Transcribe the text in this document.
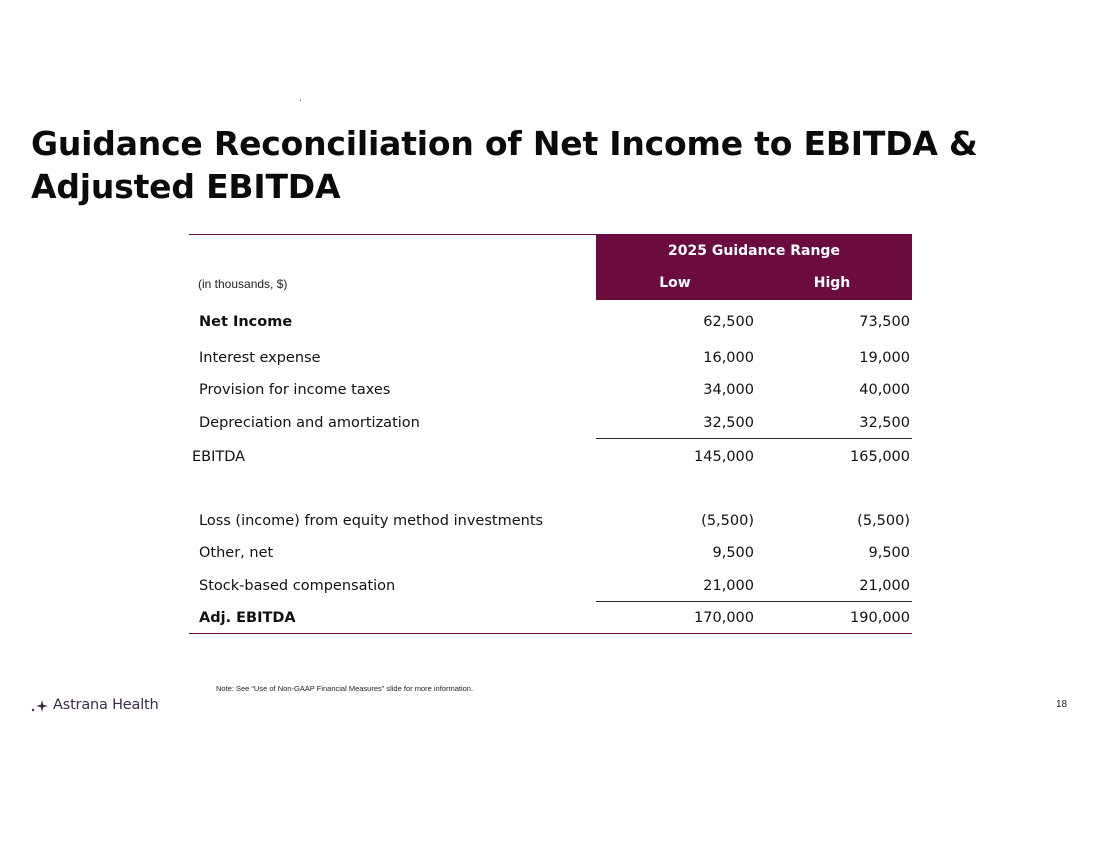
Guidance Reconciliation of Net Income to EBITDA & Adjusted EBITDA
2025 Guidance Range
Low	High
(in thousands, $)
Net Income	62,500	73,500
Interest expense	16,000	19,000
Provision for income taxes	34,000	40,000
Depreciation and amortization	32,500	32,500
EBITDA	145,000	165,000
Loss (income) from equity method investments	(5,500)	(5,500)
Other, net	9,500	9,500
Stock-based compensation	21,000	21,000
Adj. EBITDA	170,000	190,000
Note: See “Use of Non-GAAP Financial Measures” slide for more information.
Astrana Health	18
